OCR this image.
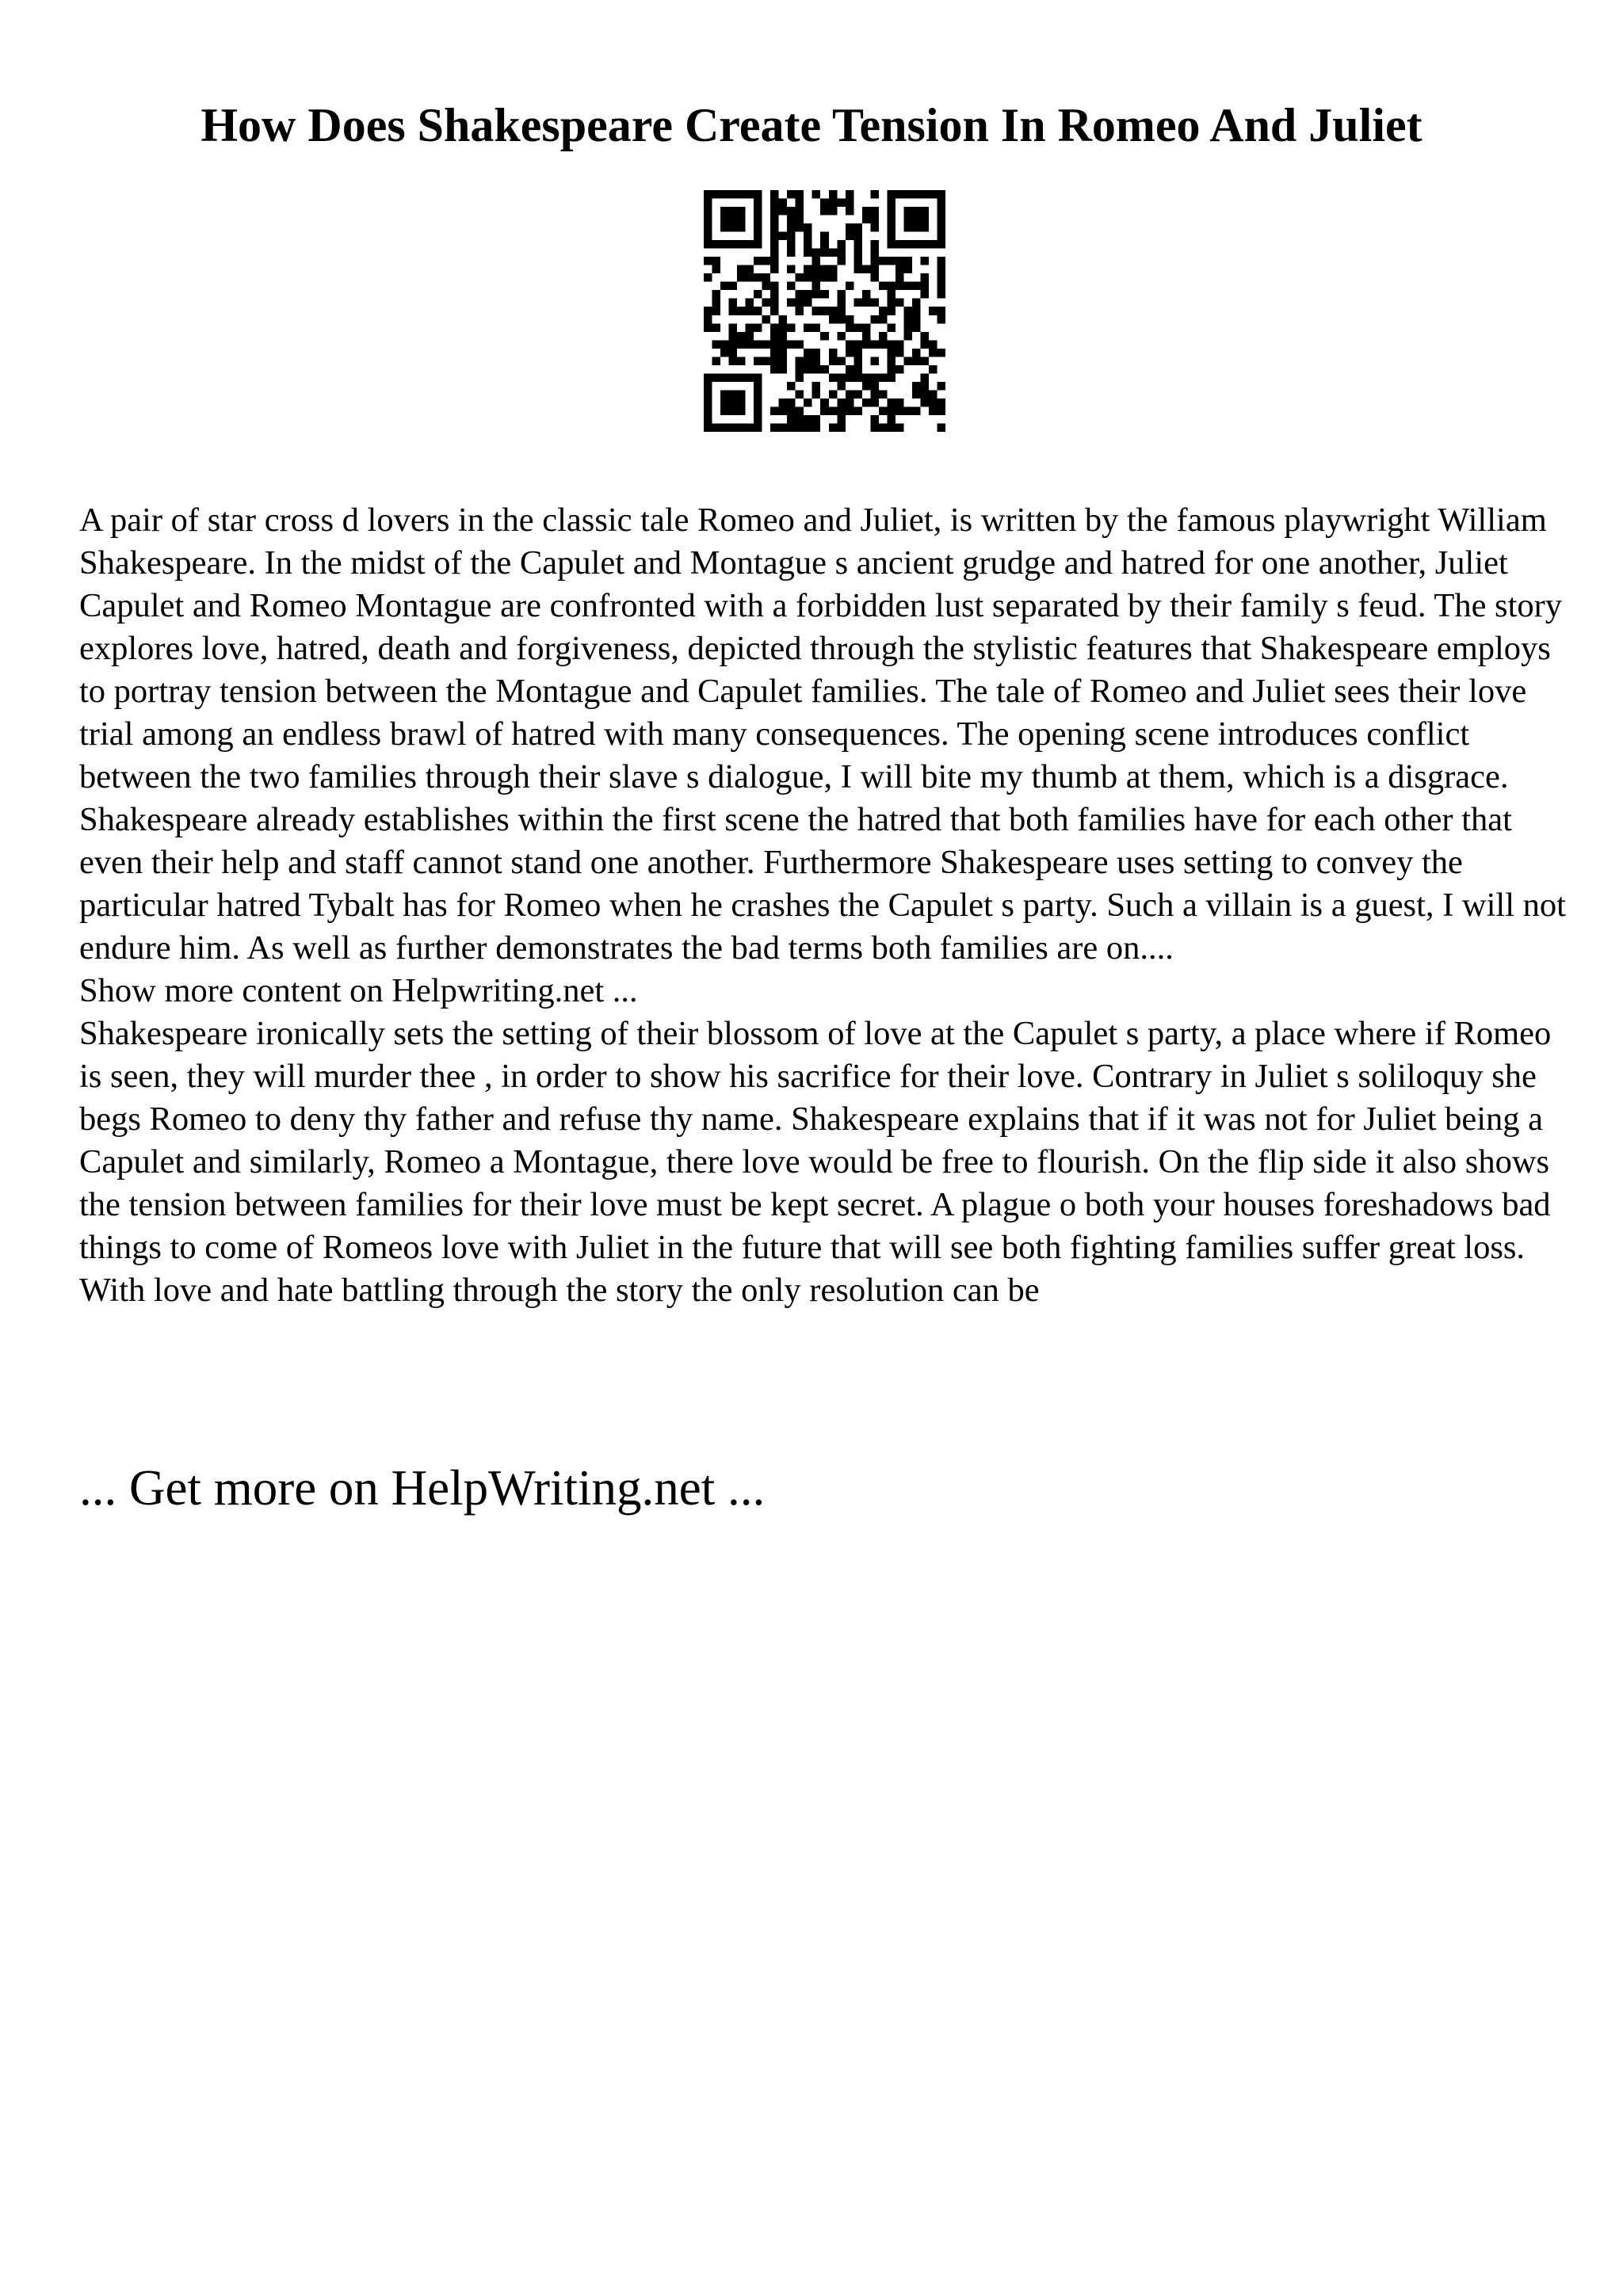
How Does Shakespeare Create Tension In Romeo And Juliet

A pair of star cross d lovers in the classic tale Romeo and Juliet, is written by the famous playwright William Shakespeare. In the midst of the Capulet and Montague s ancient grudge and hatred for one another, Juliet Capulet and Romeo Montague are confronted with a forbidden lust separated by their family s feud. The story explores love, hatred, death and forgiveness, depicted through the stylistic features that Shakespeare employs to portray tension between the Montague and Capulet families. The tale of Romeo and Juliet sees their love trial among an endless brawl of hatred with many consequences. The opening scene introduces conflict between the two families through their slave s dialogue, I will bite my thumb at them, which is a disgrace. Shakespeare already establishes within the first scene the hatred that both families have for each other that even their help and staff cannot stand one another. Furthermore Shakespeare uses setting to convey the particular hatred Tybalt has for Romeo when he crashes the Capulet s party. Such a villain is a guest, I will not endure him. As well as further demonstrates the bad terms both families are on....

Show more content on Helpwriting.net ...

Shakespeare ironically sets the setting of their blossom of love at the Capulet s party, a place where if Romeo is seen, they will murder thee , in order to show his sacrifice for their love. Contrary in Juliet s soliloquy she begs Romeo to deny thy father and refuse thy name. Shakespeare explains that if it was not for Juliet being a Capulet and similarly, Romeo a Montague, there love would be free to flourish. On the flip side it also shows the tension between families for their love must be kept secret. A plague o both your houses foreshadows bad things to come of Romeos love with Juliet in the future that will see both fighting families suffer great loss. With love and hate battling through the story the only resolution can be

... Get more on HelpWriting.net ...
